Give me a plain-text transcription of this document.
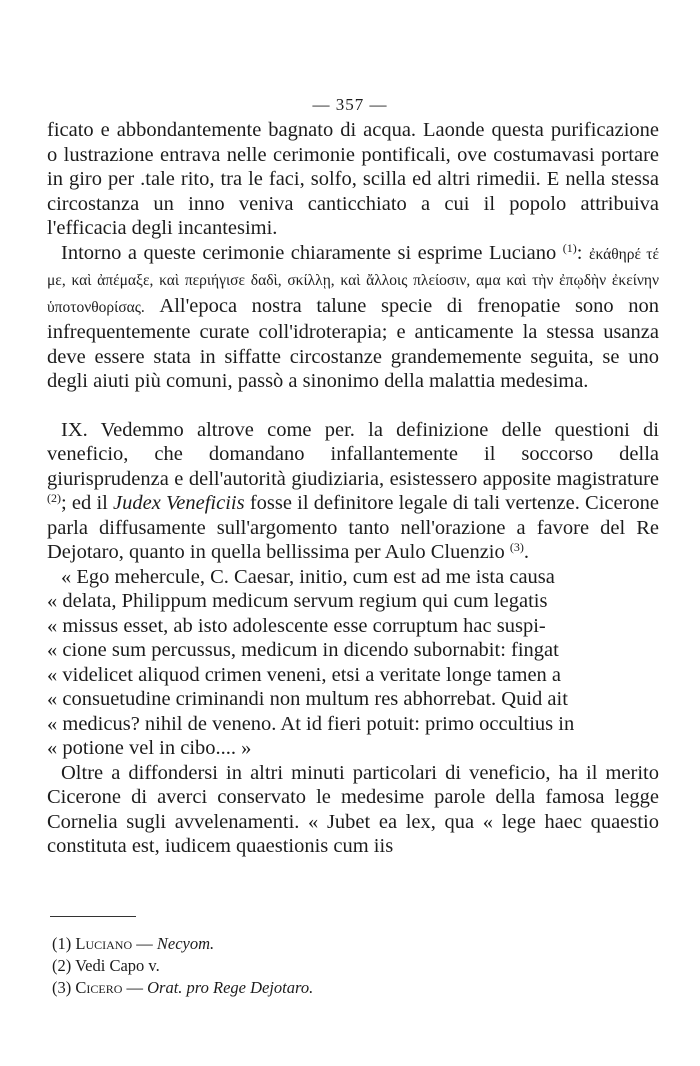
— 357 —

ficato e abbondantemente bagnato di acqua. Laonde questa purificazione o lustrazione entrava nelle cerimonie pontificali, ove costumavasi portare in giro per .tale rito, tra le faci, solfo, scilla ed altri rimedii. E nella stessa circostanza un inno veniva canticchiato a cui il popolo attribuiva l'efficacia degli incantesimi.

Intorno a queste cerimonie chiaramente si esprime Luciano $^{(1)}$: ἐκάθηρέ τέ με, καὶ ἀπέμαξε, καὶ περιήγισε δαδὶ, σκίλλῃ, καὶ ἄλλοις πλείοσιν, αμα καὶ τὴν ἐπῳδὴν ἐκείνην ὑποτονθορίσας. All'epoca nostra talune specie di frenopatie sono non infrequentemente curate coll'idroterapia; e anticamente la stessa usanza deve essere stata in siffatte circostanze grandememente seguita, se uno degli aiuti più comuni, passò a sinonimo della malattia medesima.

IX. Vedemmo altrove come per. la definizione delle questioni di veneficio, che domandano infallantemente il soccorso della giurisprudenza e dell'autorità giudiziaria, esistessero apposite magistrature $^{(2)}$; ed il Judex Veneficiis fosse il definitore legale di tali vertenze. Cicerone parla diffusamente sull'argomento tanto nell'orazione a favore del Re Dejotaro, quanto in quella bellissima per Aulo Cluenzio $^{(3)}$.

« Ego mehercule, C. Caesar, initio, cum est ad me ista causa

« delata, Philippum medicum servum regium qui cum legatis

« missus esset, ab isto adolescente esse corruptum hac suspi-

« cione sum percussus, medicum in dicendo subornabit: fingat

« videlicet aliquod crimen veneni, etsi a veritate longe tamen a

« consuetudine criminandi non multum res abhorrebat. Quid ait

« medicus? nihil de veneno. At id fieri potuit: primo occultius in

« potione vel in cibo.... »

Oltre a diffondersi in altri minuti particolari di veneficio, ha il merito Cicerone di averci conservato le medesime parole della famosa legge Cornelia sugli avvelenamenti. « Jubet ea lex, qua « lege haec quaestio constituta est, iudicem quaestionis cum iis

(1) Luciano — Necyom.
(2) Vedi Capo v.
(3) Cicero — Orat. pro Rege Dejotaro.
